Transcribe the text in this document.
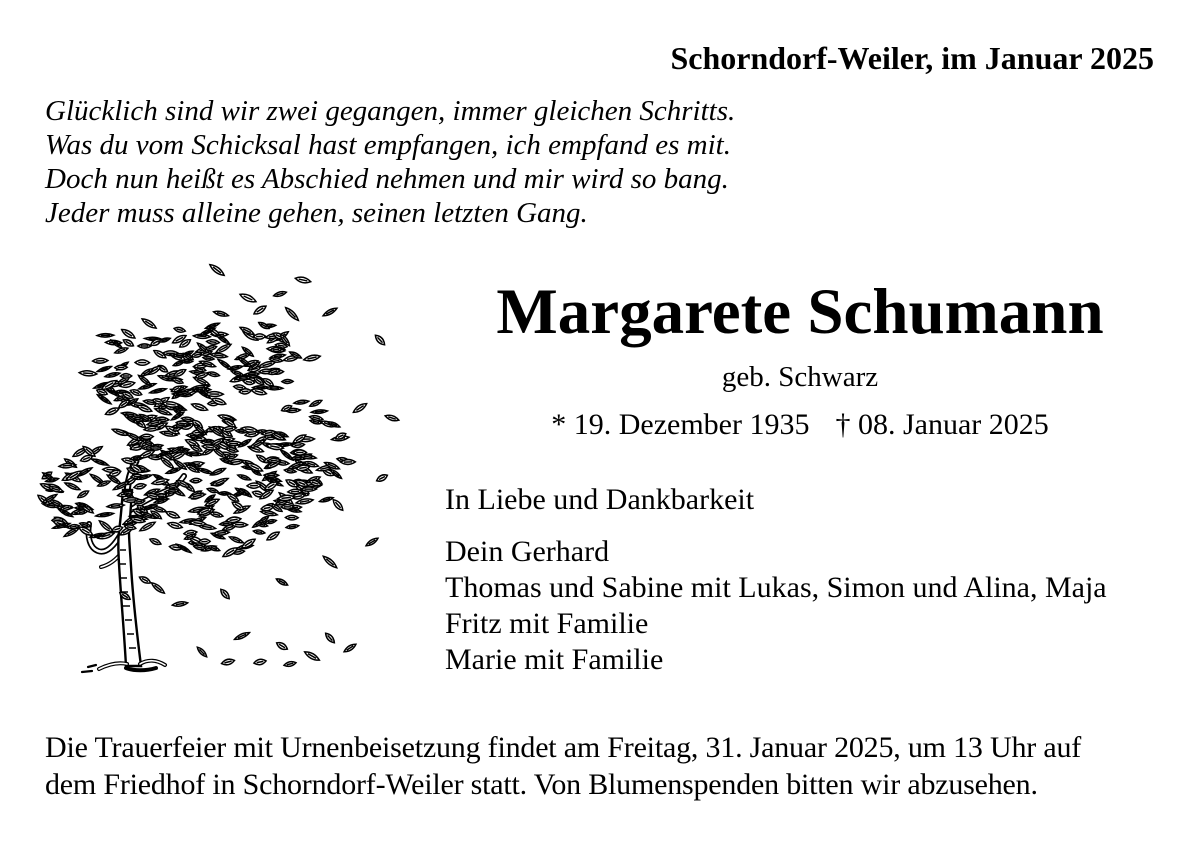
Schorndorf-Weiler, im Januar 2025
Glücklich sind wir zwei gegangen, immer gleichen Schritts.
Was du vom Schicksal hast empfangen, ich empfand es mit.
Doch nun heißt es Abschied nehmen und mir wird so bang.
Jeder muss alleine gehen, seinen letzten Gang.
Margarete Schumann
geb. Schwarz
* 19. Dezember 1935 † 08. Januar 2025
In Liebe und Dankbarkeit
Dein Gerhard
Thomas und Sabine mit Lukas, Simon und Alina, Maja
Fritz mit Familie
Marie mit Familie
Die Trauerfeier mit Urnenbeisetzung findet am Freitag, 31. Januar 2025, um 13 Uhr auf
dem Friedhof in Schorndorf-Weiler statt. Von Blumenspenden bitten wir abzusehen.
